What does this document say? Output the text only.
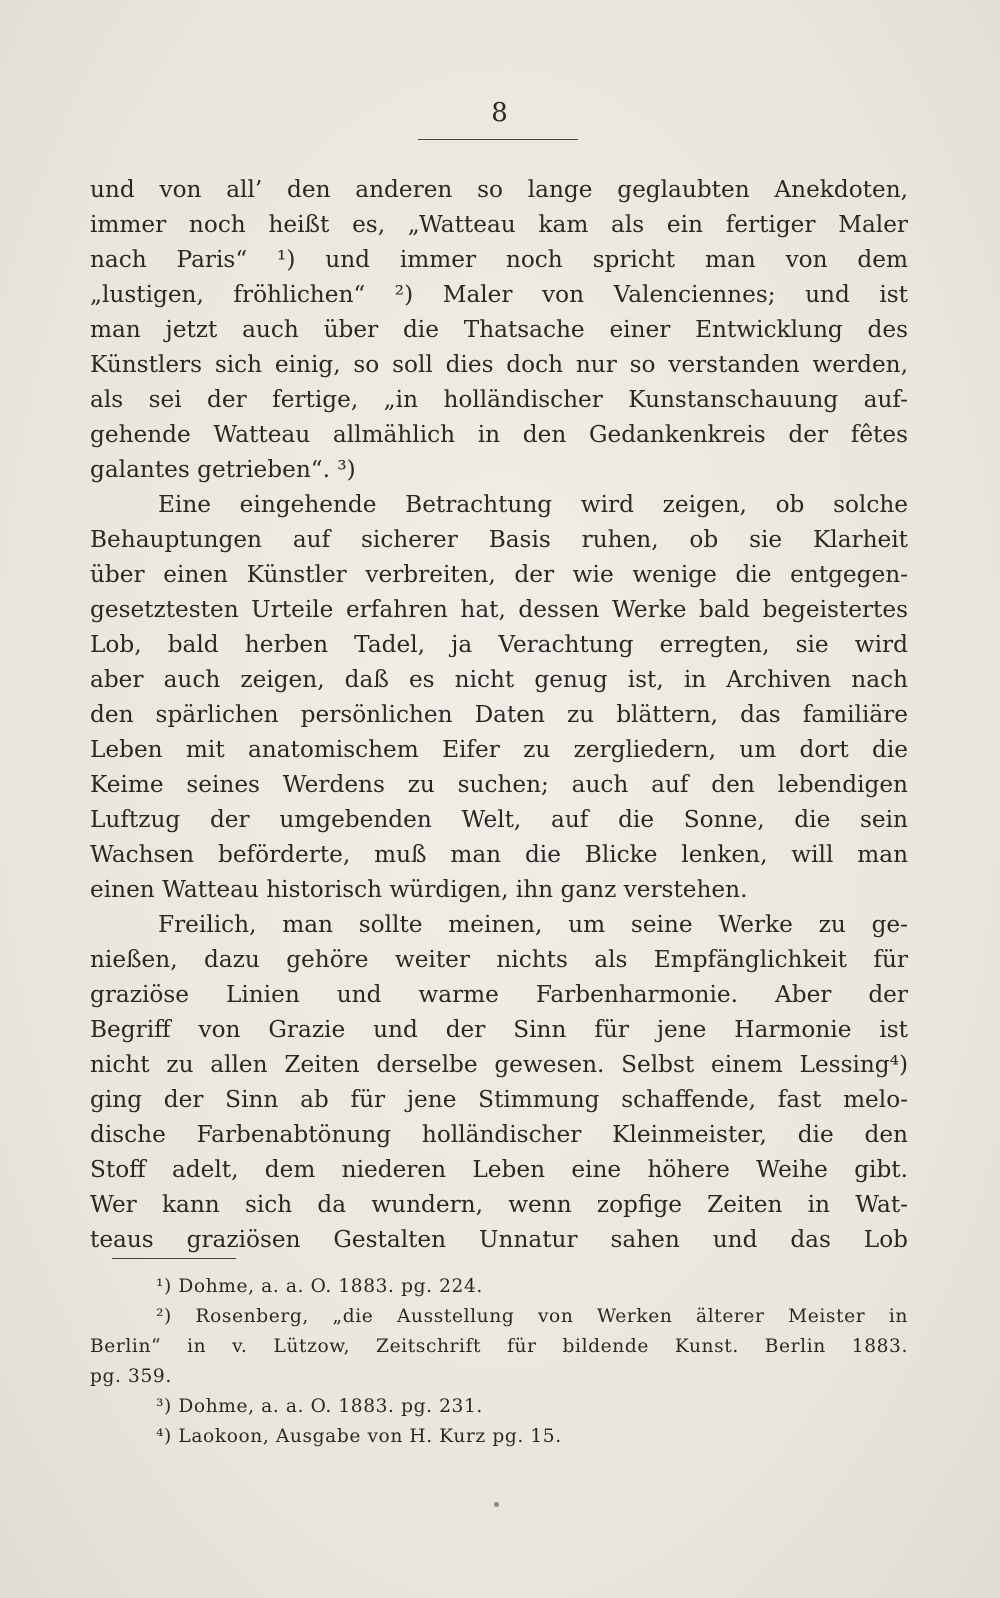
8
und von all’ den anderen so lange geglaubten Anekdoten,
immer noch heißt es, „Watteau kam als ein fertiger Maler
nach Paris“ ¹) und immer noch spricht man von dem
„lustigen, fröhlichen“ ²) Maler von Valenciennes; und ist
man jetzt auch über die Thatsache einer Entwicklung des
Künstlers sich einig, so soll dies doch nur so verstanden werden,
als sei der fertige, „in holländischer Kunstanschauung auf-
gehende Watteau allmählich in den Gedankenkreis der fêtes
galantes getrieben“. ³)
Eine eingehende Betrachtung wird zeigen, ob solche
Behauptungen auf sicherer Basis ruhen, ob sie Klarheit
über einen Künstler verbreiten, der wie wenige die entgegen-
gesetztesten Urteile erfahren hat, dessen Werke bald begeistertes
Lob, bald herben Tadel, ja Verachtung erregten, sie wird
aber auch zeigen, daß es nicht genug ist, in Archiven nach
den spärlichen persönlichen Daten zu blättern, das familiäre
Leben mit anatomischem Eifer zu zergliedern, um dort die
Keime seines Werdens zu suchen; auch auf den lebendigen
Luftzug der umgebenden Welt, auf die Sonne, die sein
Wachsen beförderte, muß man die Blicke lenken, will man
einen Watteau historisch würdigen, ihn ganz verstehen.
Freilich, man sollte meinen, um seine Werke zu ge-
nießen, dazu gehöre weiter nichts als Empfänglichkeit für
graziöse Linien und warme Farbenharmonie. Aber der
Begriff von Grazie und der Sinn für jene Harmonie ist
nicht zu allen Zeiten derselbe gewesen. Selbst einem Lessing⁴)
ging der Sinn ab für jene Stimmung schaffende, fast melo-
dische Farbenabtönung holländischer Kleinmeister, die den
Stoff adelt, dem niederen Leben eine höhere Weihe gibt.
Wer kann sich da wundern, wenn zopfige Zeiten in Wat-
teaus graziösen Gestalten Unnatur sahen und das Lob
¹) Dohme, a. a. O. 1883. pg. 224.
²) Rosenberg, „die Ausstellung von Werken älterer Meister in
Berlin“ in v. Lützow, Zeitschrift für bildende Kunst. Berlin 1883.
pg. 359.
³) Dohme, a. a. O. 1883. pg. 231.
⁴) Laokoon, Ausgabe von H. Kurz pg. 15.
